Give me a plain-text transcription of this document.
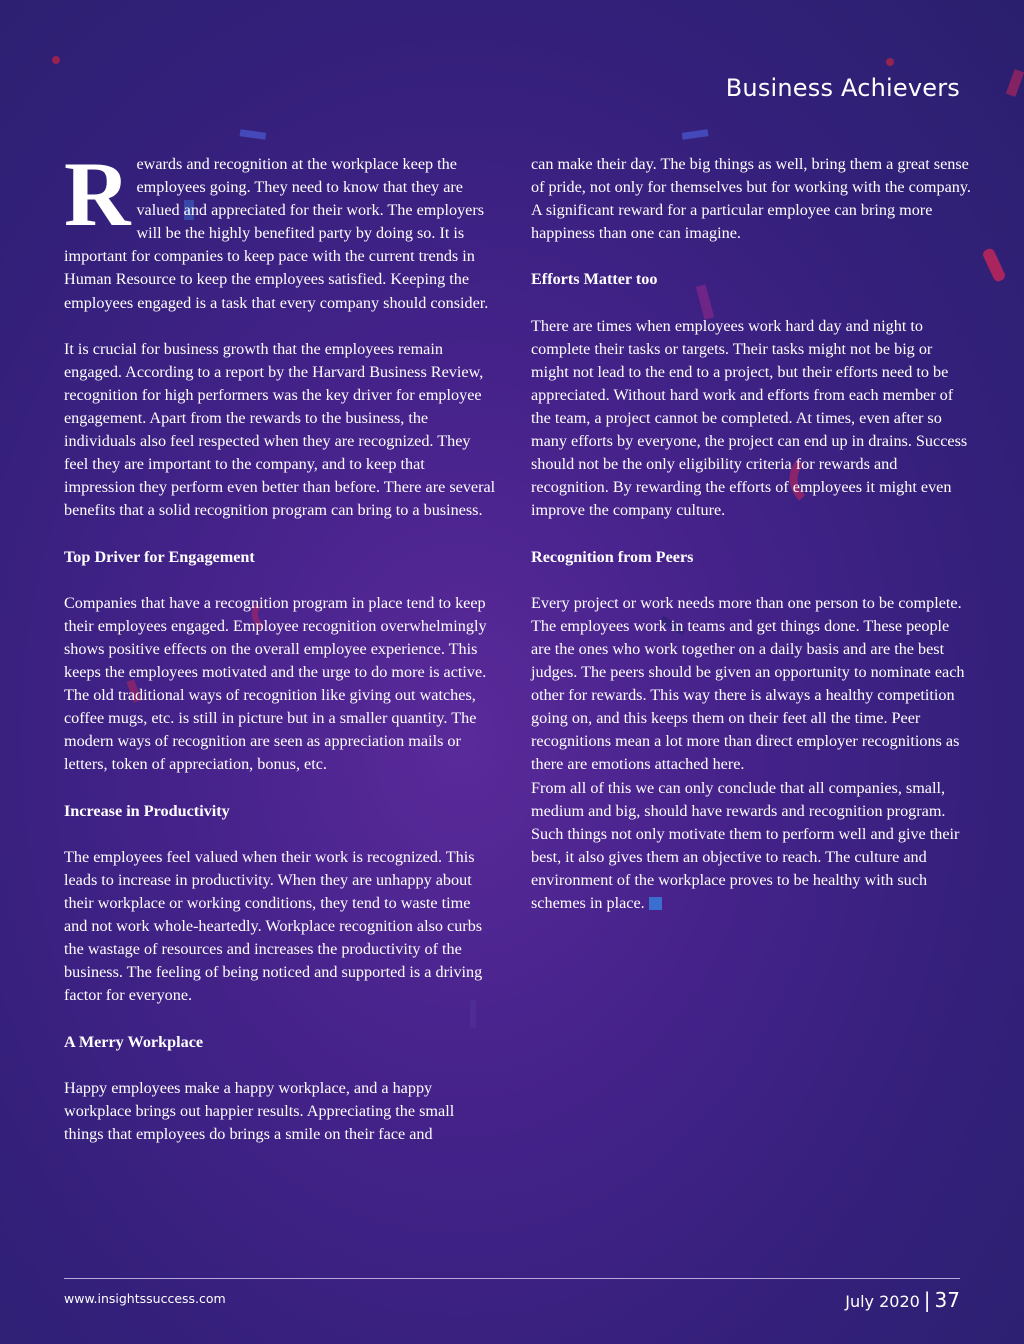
Business Achievers

Rewards and recognition at the workplace keep the employees going. They need to know that they are valued and appreciated for their work. The employers will be the highly benefited party by doing so. It is important for companies to keep pace with the current trends in Human Resource to keep the employees satisfied. Keeping the employees engaged is a task that every company should consider.

It is crucial for business growth that the employees remain engaged. According to a report by the Harvard Business Review, recognition for high performers was the key driver for employee engagement. Apart from the rewards to the business, the individuals also feel respected when they are recognized. They feel they are important to the company, and to keep that impression they perform even better than before. There are several benefits that a solid recognition program can bring to a business.

Top Driver for Engagement

Companies that have a recognition program in place tend to keep their employees engaged. Employee recognition overwhelmingly shows positive effects on the overall employee experience. This keeps the employees motivated and the urge to do more is active. The old traditional ways of recognition like giving out watches, coffee mugs, etc. is still in picture but in a smaller quantity. The modern ways of recognition are seen as appreciation mails or letters, token of appreciation, bonus, etc.

Increase in Productivity

The employees feel valued when their work is recognized. This leads to increase in productivity. When they are unhappy about their workplace or working conditions, they tend to waste time and not work whole-heartedly. Workplace recognition also curbs the wastage of resources and increases the productivity of the business. The feeling of being noticed and supported is a driving factor for everyone.

A Merry Workplace

Happy employees make a happy workplace, and a happy workplace brings out happier results. Appreciating the small things that employees do brings a smile on their face and

can make their day. The big things as well, bring them a great sense of pride, not only for themselves but for working with the company. A significant reward for a particular employee can bring more happiness than one can imagine.

Efforts Matter too

There are times when employees work hard day and night to complete their tasks or targets. Their tasks might not be big or might not lead to the end to a project, but their efforts need to be appreciated. Without hard work and efforts from each member of the team, a project cannot be completed. At times, even after so many efforts by everyone, the project can end up in drains. Success should not be the only eligibility criteria for rewards and recognition. By rewarding the efforts of employees it might even improve the company culture.

Recognition from Peers

Every project or work needs more than one person to be complete. The employees work in teams and get things done. These people are the ones who work together on a daily basis and are the best judges. The peers should be given an opportunity to nominate each other for rewards. This way there is always a healthy competition going on, and this keeps them on their feet all the time. Peer recognitions mean a lot more than direct employer recognitions as there are emotions attached here.

From all of this we can only conclude that all companies, small, medium and big, should have rewards and recognition program. Such things not only motivate them to perform well and give their best, it also gives them an objective to reach. The culture and environment of the workplace proves to be healthy with such schemes in place.

www.insightssuccess.com	July 2020 | 37
